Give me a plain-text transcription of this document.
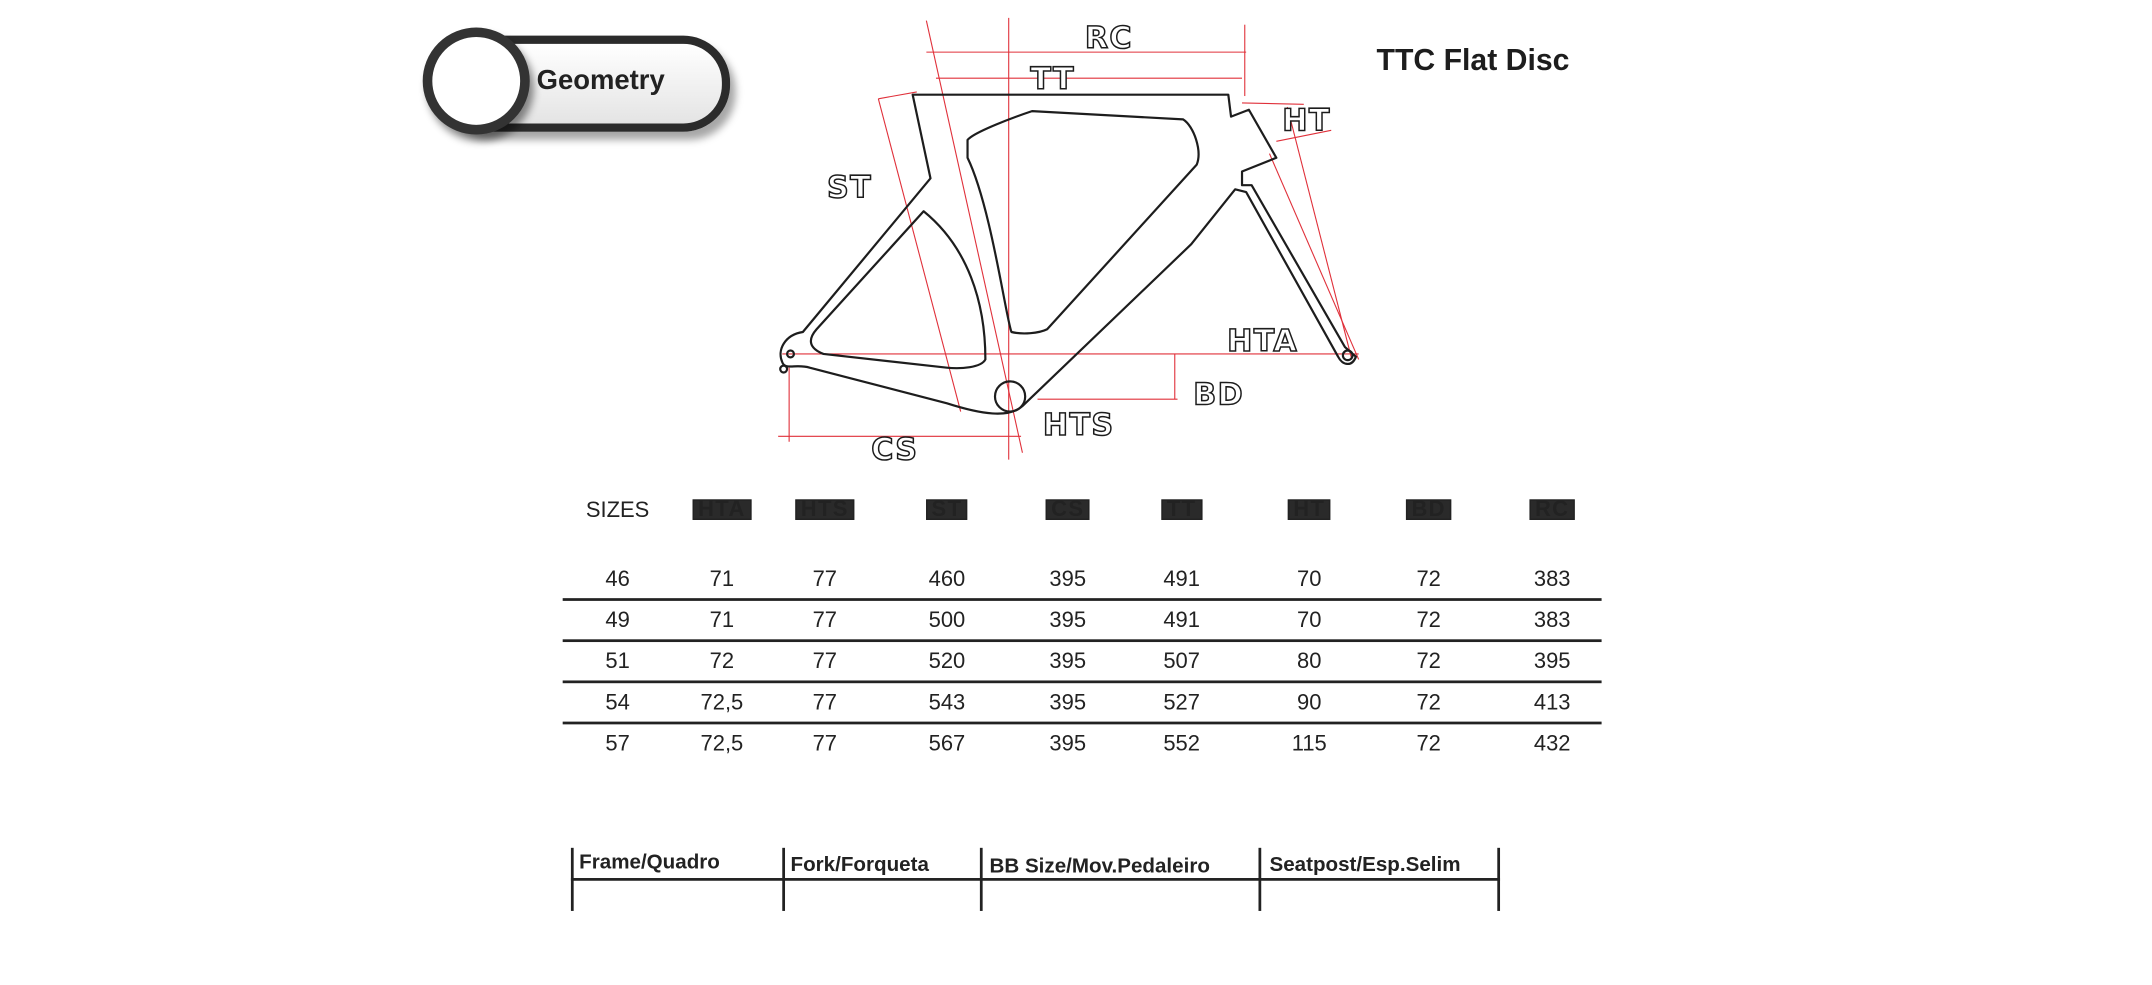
Geometry
TTC Flat Disc
RC
TT
HT
ST
HTA
BD
HTS
CS
SIZES	HTA	HTS	ST	CS	TT	HT	BD	RC
46	71	77	460	395	491	70	72	383
49	71	77	500	395	491	70	72	383
51	72	77	520	395	507	80	72	395
54	72,5	77	543	395	527	90	72	413
57	72,5	77	567	395	552	115	72	432
Frame/Quadro	Fork/Forqueta	BB Size/Mov.Pedaleiro	Seatpost/Esp.Selim
